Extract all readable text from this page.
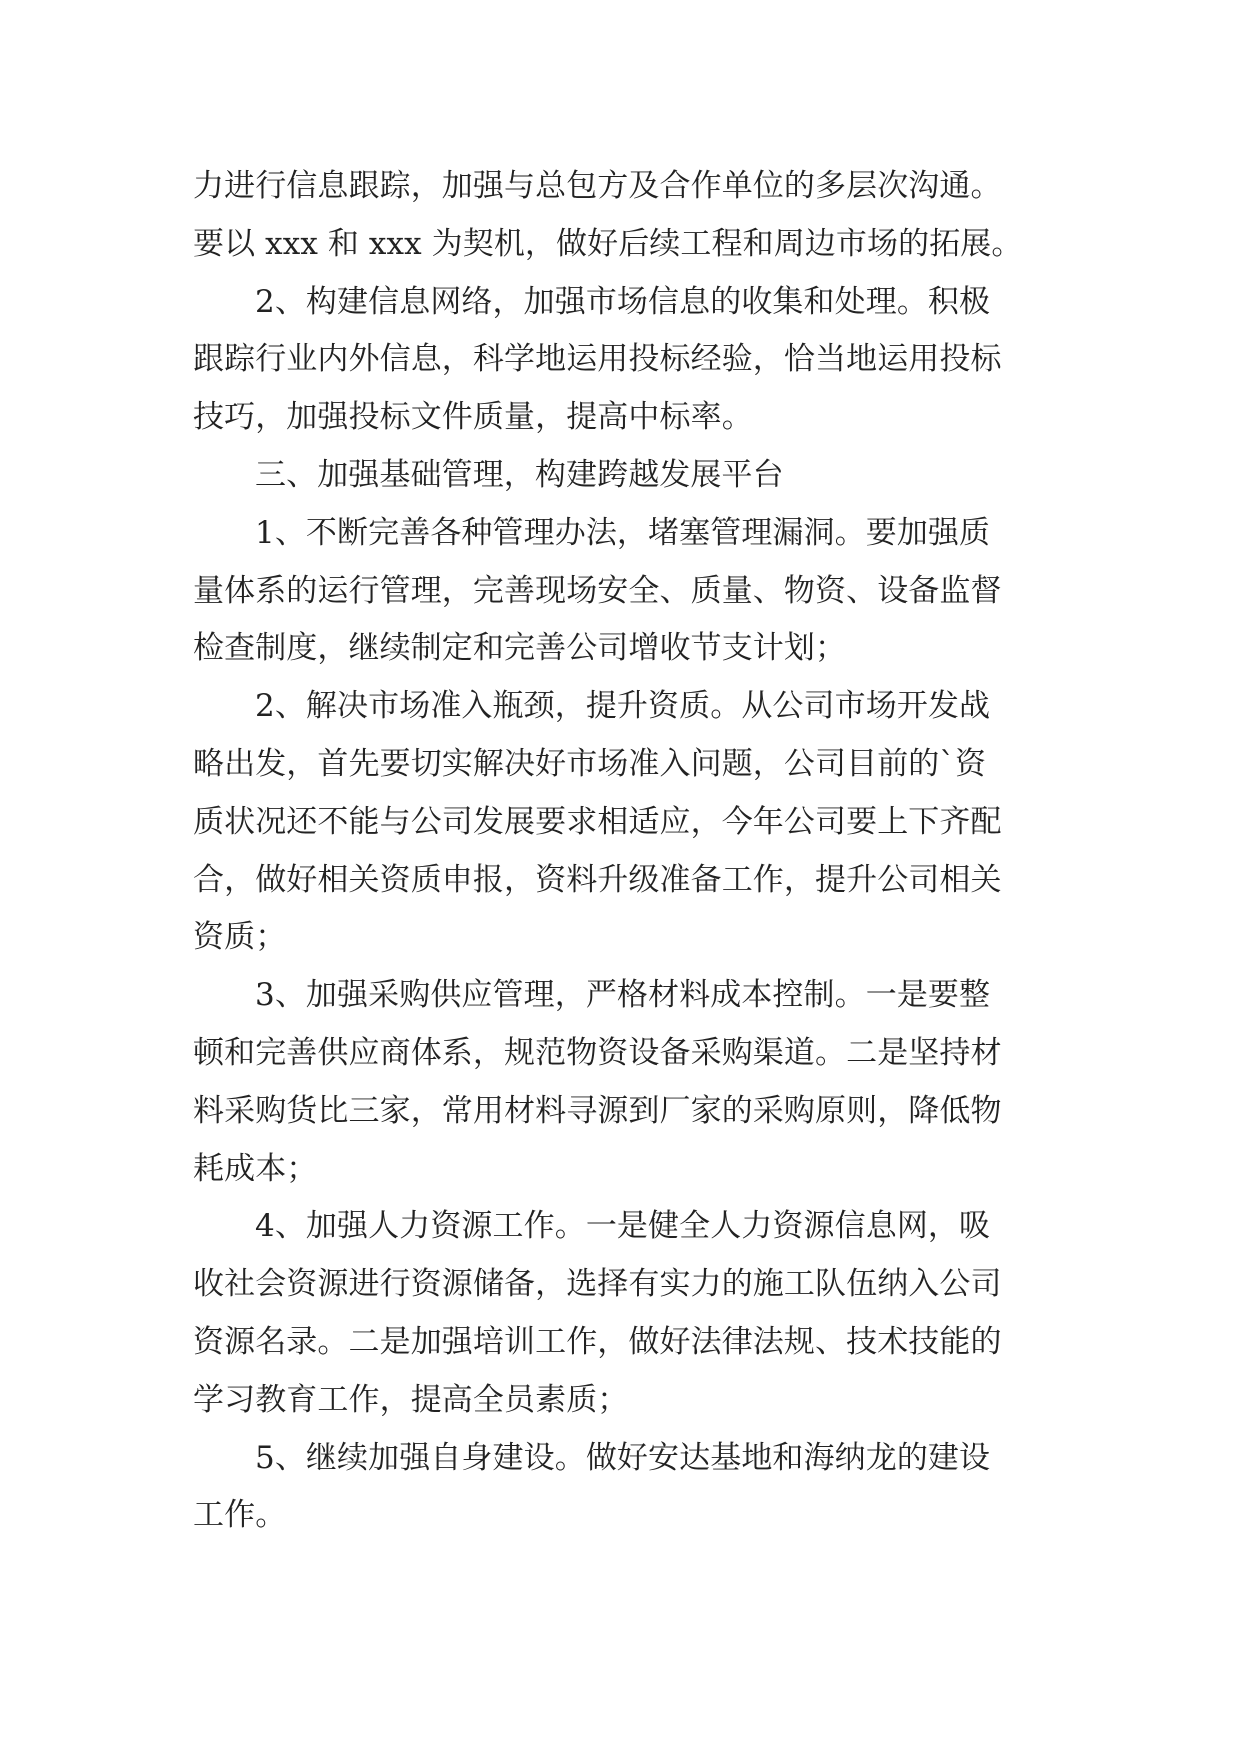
力进行信息跟踪，加强与总包方及合作单位的多层次沟通。
要以 xxx 和 xxx 为契机，做好后续工程和周边市场的拓展。
2、构建信息网络，加强市场信息的收集和处理。积极
跟踪行业内外信息，科学地运用投标经验，恰当地运用投标
技巧，加强投标文件质量，提高中标率。
三、加强基础管理，构建跨越发展平台
1、不断完善各种管理办法，堵塞管理漏洞。要加强质
量体系的运行管理，完善现场安全、质量、物资、设备监督
检查制度，继续制定和完善公司增收节支计划；
2、解决市场准入瓶颈，提升资质。从公司市场开发战
略出发，首先要切实解决好市场准入问题，公司目前的`资
质状况还不能与公司发展要求相适应，今年公司要上下齐配
合，做好相关资质申报，资料升级准备工作，提升公司相关
资质；
3、加强采购供应管理，严格材料成本控制。一是要整
顿和完善供应商体系，规范物资设备采购渠道。二是坚持材
料采购货比三家，常用材料寻源到厂家的采购原则，降低物
耗成本；
4、加强人力资源工作。一是健全人力资源信息网，吸
收社会资源进行资源储备，选择有实力的施工队伍纳入公司
资源名录。二是加强培训工作，做好法律法规、技术技能的
学习教育工作，提高全员素质；
5、继续加强自身建设。做好安达基地和海纳龙的建设
工作。
